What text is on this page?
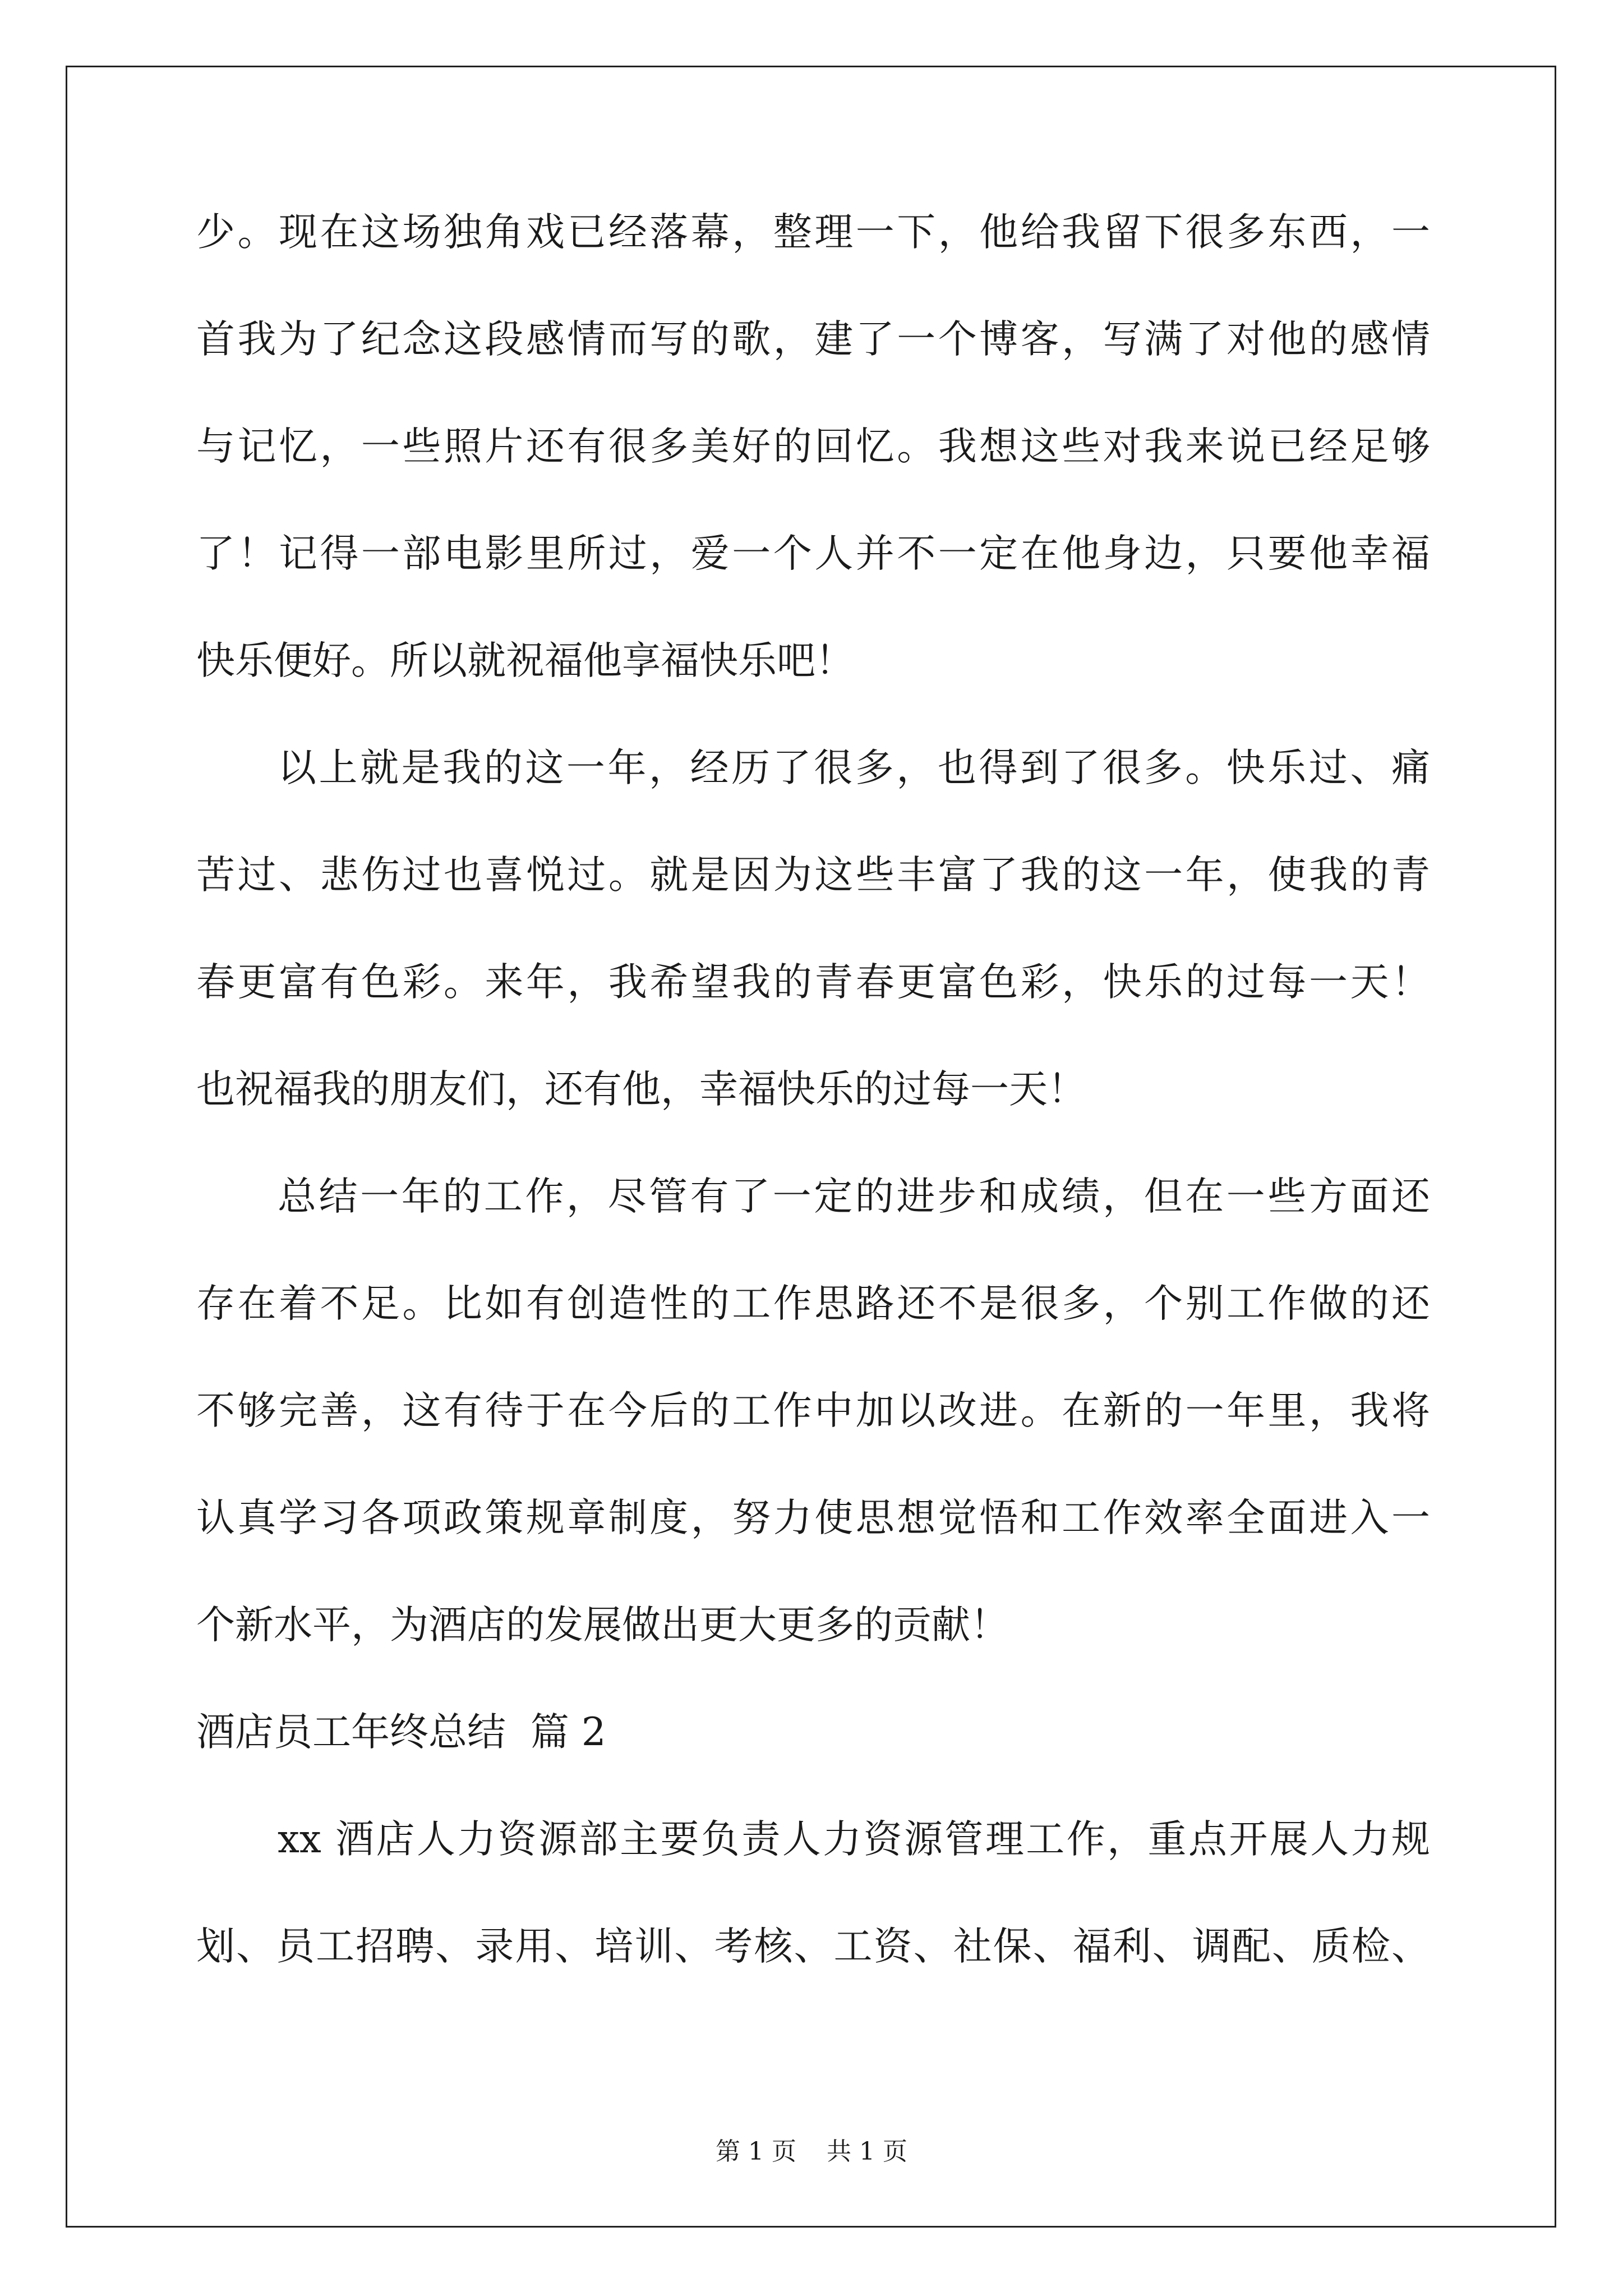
少。现在这场独角戏已经落幕，整理一下，他给我留下很多东西，一
首我为了纪念这段感情而写的歌，建了一个博客，写满了对他的感情
与记忆，一些照片还有很多美好的回忆。我想这些对我来说已经足够
了！记得一部电影里所过，爱一个人并不一定在他身边，只要他幸福
快乐便好。所以就祝福他享福快乐吧！
以上就是我的这一年，经历了很多，也得到了很多。快乐过、痛
苦过、悲伤过也喜悦过。就是因为这些丰富了我的这一年，使我的青
春更富有色彩。来年，我希望我的青春更富色彩，快乐的过每一天！
也祝福我的朋友们，还有他，幸福快乐的过每一天！
总结一年的工作，尽管有了一定的进步和成绩，但在一些方面还
存在着不足。比如有创造性的工作思路还不是很多，个别工作做的还
不够完善，这有待于在今后的工作中加以改进。在新的一年里，我将
认真学习各项政策规章制度，努力使思想觉悟和工作效率全面进入一
个新水平，为酒店的发展做出更大更多的贡献！
酒店员工年终总结  篇 2
xx 酒店人力资源部主要负责人力资源管理工作，重点开展人力规
划、员工招聘、录用、培训、考核、工资、社保、福利、调配、质检、
第 1 页 共 1 页
